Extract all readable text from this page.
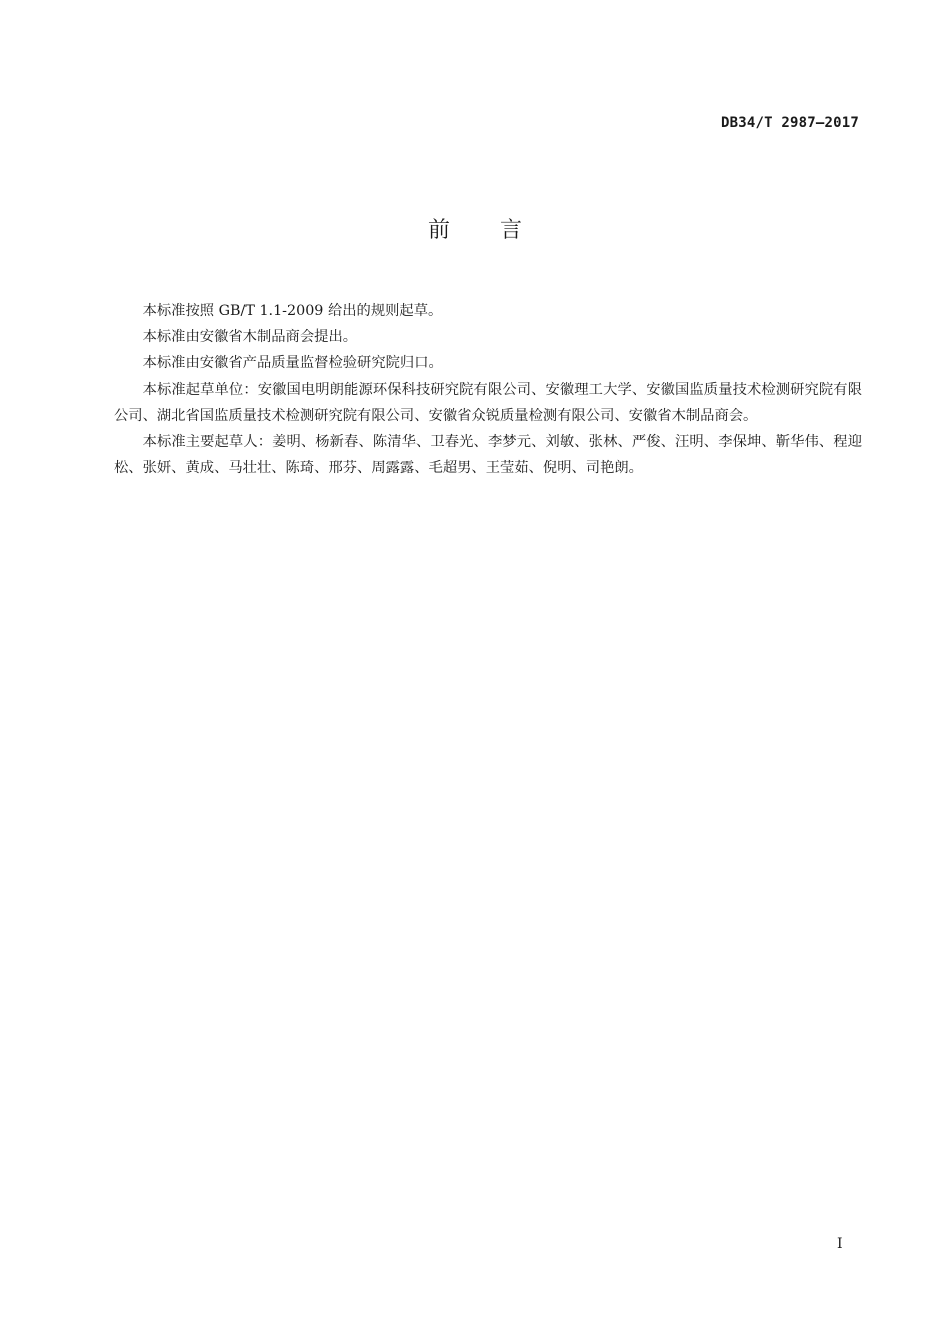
DB34/T 2987—2017
前 言

本标准按照 GB/T 1.1-2009 给出的规则起草。

本标准由安徽省木制品商会提出。

本标准由安徽省产品质量监督检验研究院归口。

本标准起草单位：安徽国电明朗能源环保科技研究院有限公司、安徽理工大学、安徽国监质量技术检测研究院有限公司、湖北省国监质量技术检测研究院有限公司、安徽省众锐质量检测有限公司、安徽省木制品商会。

本标准主要起草人：姜明、杨新春、陈清华、卫春光、李梦元、刘敏、张林、严俊、汪明、李保坤、靳华伟、程迎松、张妍、黄成、马壮壮、陈琦、邢芬、周露露、毛超男、王莹茹、倪明、司艳朗。

I
